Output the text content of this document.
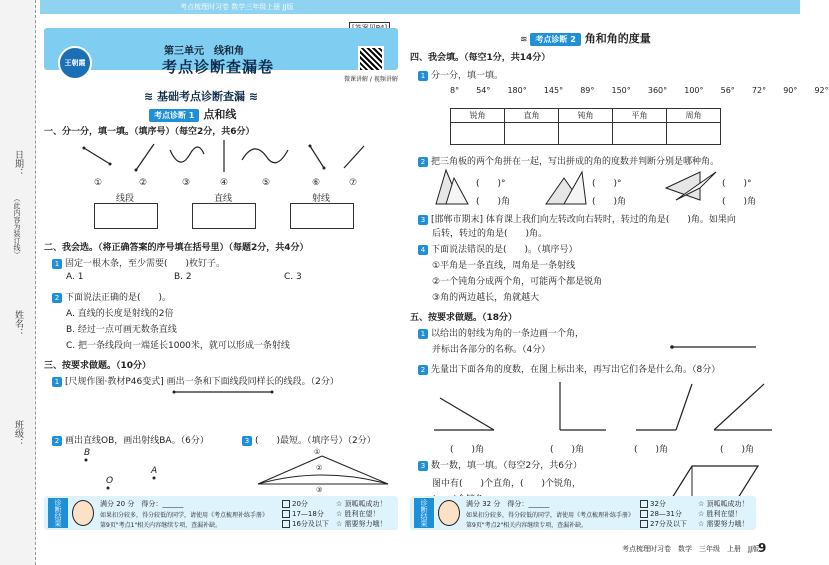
日期：
（此内容为装订线）
姓名：
班级：
考点梳理时习卷 数学三年级上册 JJ版
王朝霞
第三单元　线和角
考点诊断查漏卷
微课讲解 / 视频讲解
≋ 基础考点诊断查漏 ≋
考点诊断 1 点和线
一、分一分，填一填。（填序号）（每空2分，共6分）
①	②	③	④	⑤	⑥	⑦
线段	直线	射线
二、我会选。（将正确答案的序号填在括号里）（每题2分，共4分）
1 固定一根木条，至少需要(　　)枚钉子。
A. 1	B. 2	C. 3
2 下面说法正确的是(　　)。
A. 直线的长度是射线的2倍
B. 经过一点可画无数条直线
C. 把一条线段向一端延长1000米，就可以形成一条射线
三、按要求做题。（10分）
1 [尺规作图·教材P46变式] 画出一条和下面线段同样长的线段。（2分）
2 画出直线OB，画出射线BA。（6分）
B
O
A
3 (　　)最短。（填序号）（2分）
①
②
③
诊断结果	满分 20 分　得分：______
如果扣分较多，得分较低的同学，请使用《考点梳理补练手册》
第9页"考点1"相关内容继续专项，查漏补缺。
20分
17—18分
16分及以下
☆ 顶呱呱成功！
☆ 胜利在望！
☆ 需要努力哦！
≋ 考点诊断 2 角和角的度量
四、我会填。（每空1分，共14分）
1 分一分，填一填。
8° 54° 180° 145° 89° 150° 360° 100° 56° 72° 90° 92°
锐角	直角	钝角	平角	周角

2 把三角板的两个角拼在一起，写出拼成的角的度数并判断分别是哪种角。
(　　)°
(　　)角
(　　)°
(　　)角
(　　)°
(　　)角
3 [邯郸市期末] 体育课上我们向左转改向右转时，转过的角是(　　)角。如果向
后转，转过的角是(　　)角。
4 下面说法错误的是(　　)。（填序号）
①平角是一条直线，周角是一条射线
②一个钝角分成两个角，可能两个都是锐角
③角的两边越长，角就越大
五、按要求做题。（18分）
1 以给出的射线为角的一条边画一个角，
并标出各部分的名称。（4分）
2 先量出下面各角的度数，在图上标出来，再写出它们各是什么角。（8分）
(　　)角	(　　)角	(　　)角	(　　)角
3 数一数，填一填。（每空2分，共6分）
图中有(　　)个直角，(　　)个锐角，
诊断结果	满分 32 分　得分：______
如果扣分较多，得分较低的同学，请使用《考点梳理补练手册》
第9页"考点2"相关内容继续专项，查漏补缺。
32分
28—31分
27分及以下
☆ 顶呱呱成功！
☆ 胜利在望！
☆ 需要努力哦！
考点梳理时习卷　数学　三年级　上册　JJ版
9
